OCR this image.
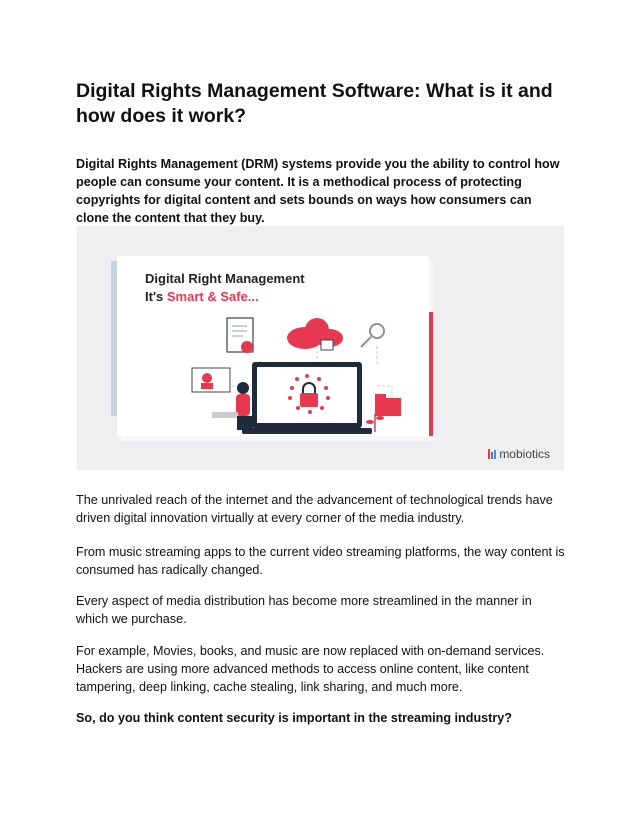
Digital Rights Management Software: What is it and how does it work?

Digital Rights Management (DRM) systems provide you the ability to control how people can consume your content. It is a methodical process of protecting copyrights for digital content and sets bounds on ways how consumers can clone the content that they buy.

The unrivaled reach of the internet and the advancement of technological trends have driven digital innovation virtually at every corner of the media industry.

From music streaming apps to the current video streaming platforms, the way content is consumed has radically changed.

Every aspect of media distribution has become more streamlined in the manner in which we purchase.

For example, Movies, books, and music are now replaced with on-demand services. Hackers are using more advanced methods to access online content, like content tampering, deep linking, cache stealing, link sharing, and much more.

So, do you think content security is important in the streaming industry?

Digital Right Management
It's Smart & Safe...
mobiotics
